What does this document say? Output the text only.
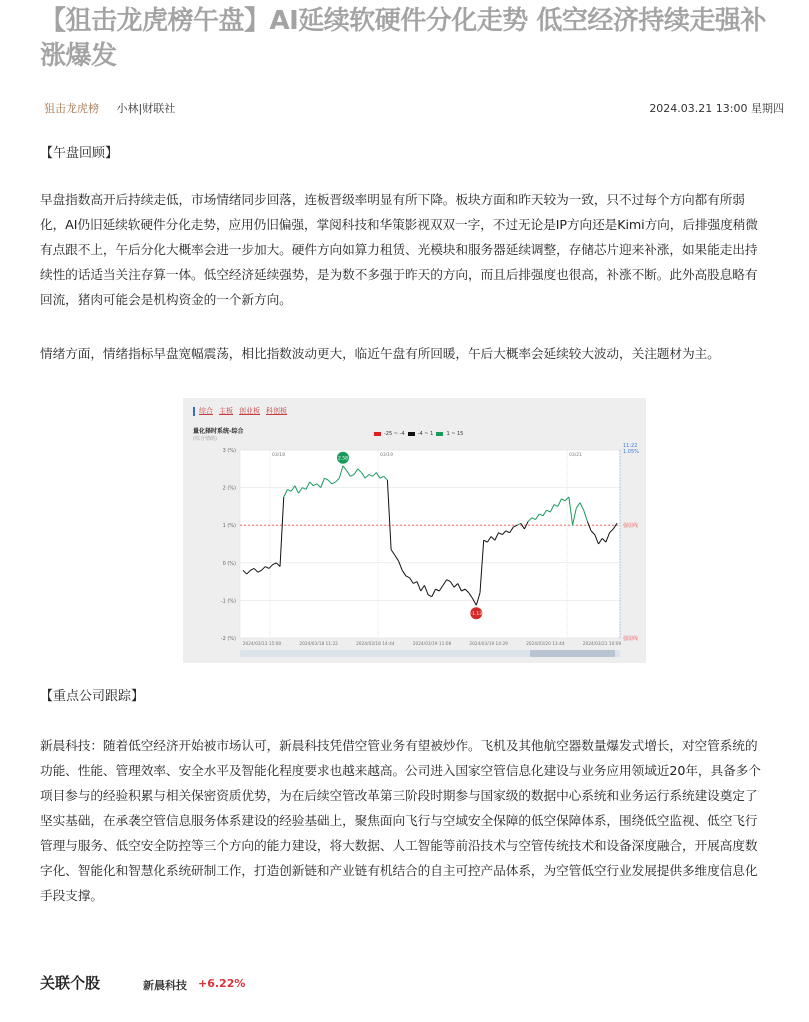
【狙击龙虎榜午盘】AI延续软硬件分化走势 低空经济持续走强补涨爆发
狙击龙虎榜 小林|财联社	2024.03.21 13:00 星期四
【午盘回顾】

早盘指数高开后持续走低，市场情绪同步回落，连板晋级率明显有所下降。板块方面和昨天较为一致，只不过每个方向都有所弱化，AI仍旧延续软硬件分化走势，应用仍旧偏强，掌阅科技和华策影视双双一字，不过无论是IP方向还是Kimi方向，后排强度稍微有点跟不上，午后分化大概率会进一步加大。硬件方向如算力租赁、光模块和服务器延续调整，存储芯片迎来补涨，如果能走出持续性的话适当关注存算一体。低空经济延续强势，是为数不多强于昨天的方向，而且后排强度也很高，补涨不断。此外高股息略有回流，猪肉可能会是机构资金的一个新方向。

情绪方面，情绪指标早盘宽幅震荡，相比指数波动更大，临近午盘有所回暖，午后大概率会延续较大波动，关注题材为主。

综合 主板 创业板 科创板
量化择时系统-综合
(综合情绪)
-25 ~ -4	-4 ~ 1	1 ~ 15
3 (%)
2 (%)
1 (%)
0 (%)
-1 (%)
-2 (%)
强弱线
强弱线
03/18	03/19	03/21
11:22
1.05%
2.58
-1.13
2024/03/13 15:00	2024/03/18 11:22	2024/03/18 14:44	2024/03/19 11:08	2024/03/19 14:29	2024/03/20 13:44	2024/03/21 10:09
【重点公司跟踪】

新晨科技：随着低空经济开始被市场认可，新晨科技凭借空管业务有望被炒作。飞机及其他航空器数量爆发式增长，对空管系统的功能、性能、管理效率、安全水平及智能化程度要求也越来越高。公司进入国家空管信息化建设与业务应用领域近20年，具备多个项目参与的经验积累与相关保密资质优势，为在后续空管改革第三阶段时期参与国家级的数据中心系统和业务运行系统建设奠定了坚实基础，在承袭空管信息服务体系建设的经验基础上，聚焦面向飞行与空域安全保障的低空保障体系，围绕低空监视、低空飞行管理与服务、低空安全防控等三个方向的能力建设，将大数据、人工智能等前沿技术与空管传统技术和设备深度融合，开展高度数字化、智能化和智慧化系统研制工作，打造创新链和产业链有机结合的自主可控产品体系，为空管低空行业发展提供多维度信息化手段支撑。

关联个股	新晨科技 +6.22%
